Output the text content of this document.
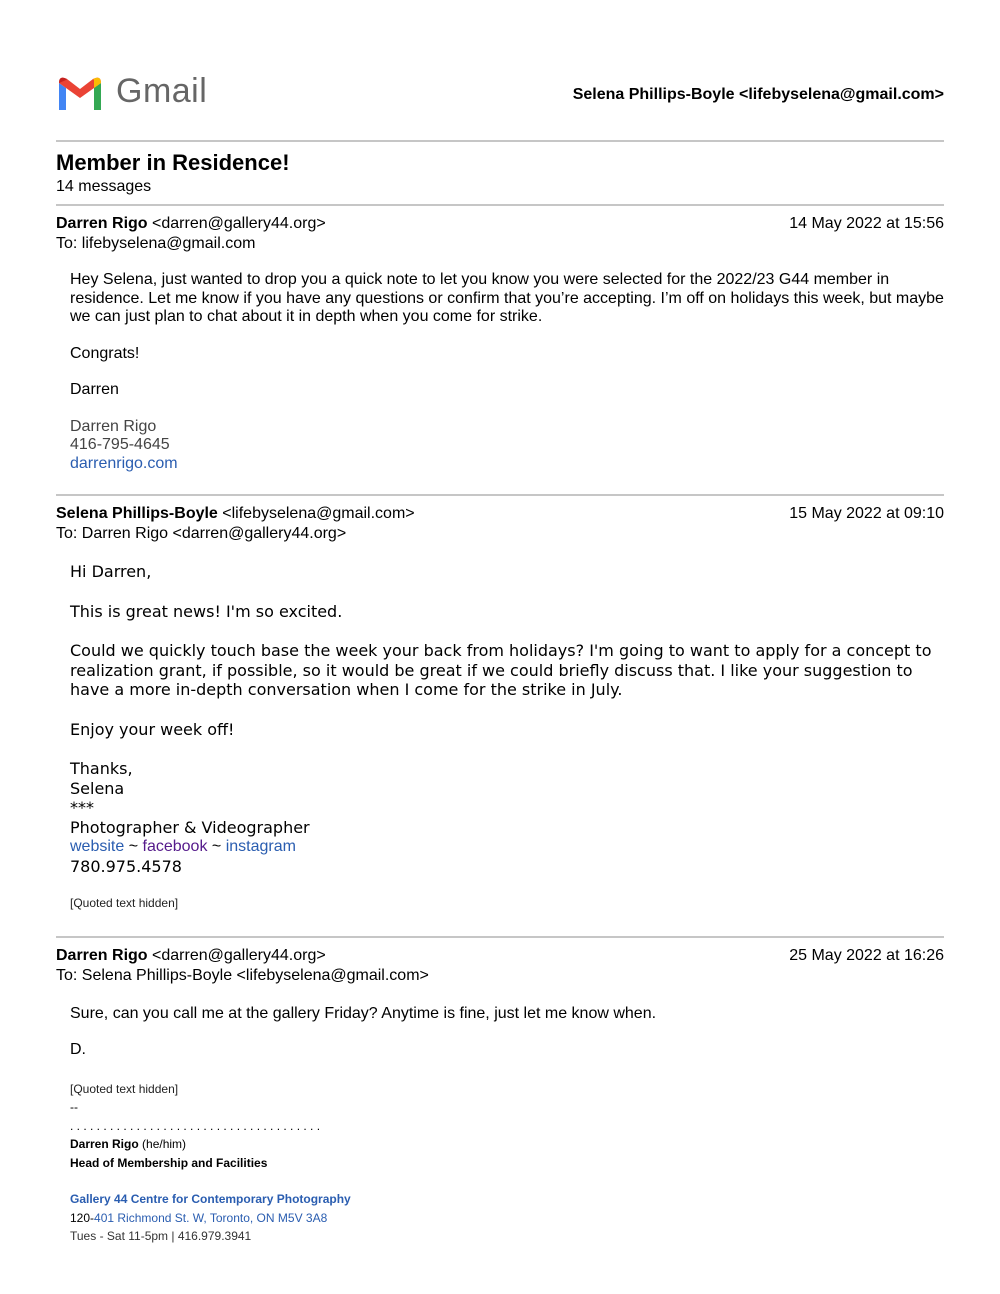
Gmail	Selena Phillips-Boyle <lifebyselena@gmail.com>
Member in Residence!
14 messages
Darren Rigo <darren@gallery44.org>	14 May 2022 at 15:56
To: lifebyselena@gmail.com

Hey Selena, just wanted to drop you a quick note to let you know you were selected for the 2022/23 G44 member in residence. Let me know if you have any questions or confirm that you’re accepting. I’m off on holidays this week, but maybe we can just plan to chat about it in depth when you come for strike.

Congrats!

Darren

Darren Rigo
416-795-4645
darrenrigo.com
Selena Phillips-Boyle <lifebyselena@gmail.com>	15 May 2022 at 09:10
To: Darren Rigo <darren@gallery44.org>

Hi Darren,

This is great news! I'm so excited.

Could we quickly touch base the week your back from holidays? I'm going to want to apply for a concept to realization grant, if possible, so it would be great if we could briefly discuss that. I like your suggestion to have a more in-depth conversation when I come for the strike in July.

Enjoy your week off!

Thanks,

Selena

***

Photographer & Videographer

website ~ facebook ~ instagram

780.975.4578

[Quoted text hidden]

Darren Rigo <darren@gallery44.org>	25 May 2022 at 16:26
To: Selena Phillips-Boyle <lifebyselena@gmail.com>

Sure, can you call me at the gallery Friday? Anytime is fine, just let me know when.

D.

[Quoted text hidden]

--
. . . . . . . . . . . . . . . . . . . . . . . . . . . . . . . . . . . . . .
Darren Rigo (he/him)
Head of Membership and Facilities
Gallery 44 Centre for Contemporary Photography
120-401 Richmond St. W, Toronto, ON M5V 3A8
Tues - Sat 11-5pm | 416.979.3941
